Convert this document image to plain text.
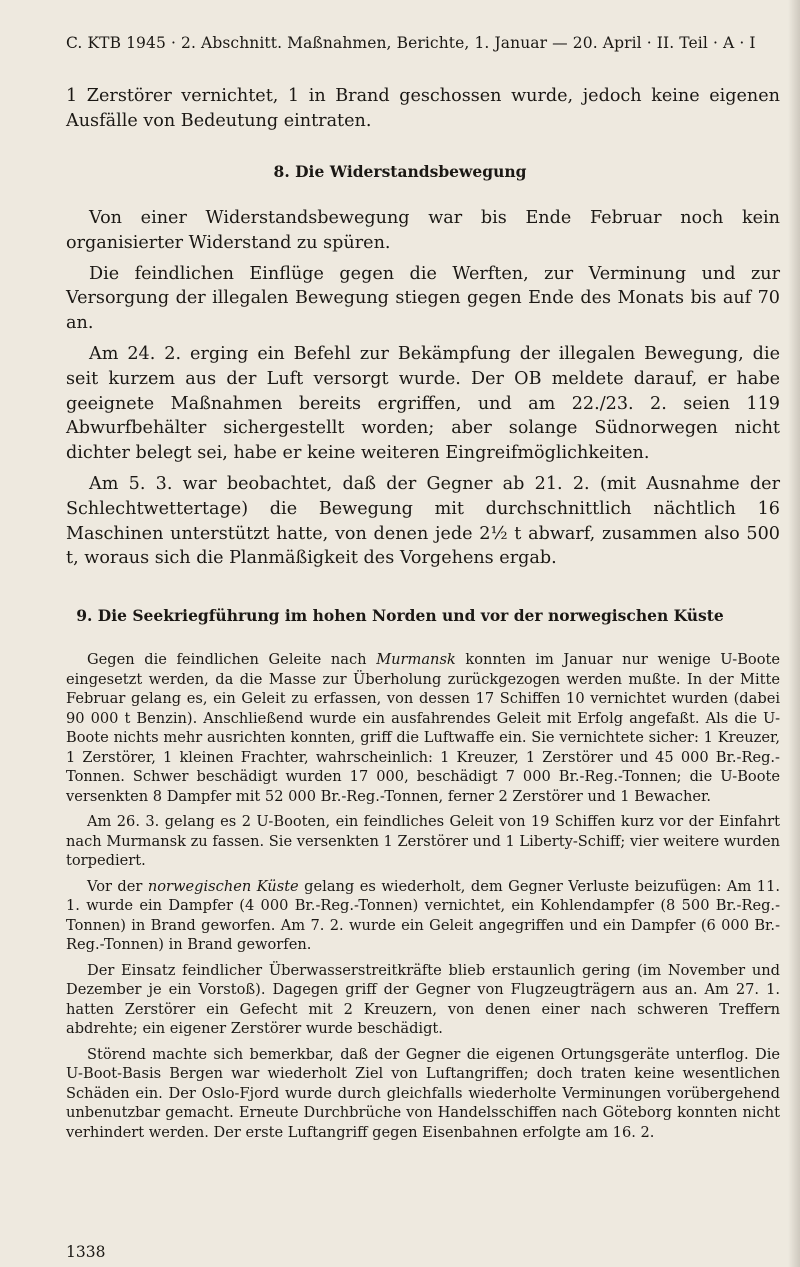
C. KTB 1945 · 2. Abschnitt. Maßnahmen, Berichte, 1. Januar — 20. April · II. Teil · A · I

1 Zerstörer vernichtet, 1 in Brand geschossen wurde, jedoch keine eigenen Ausfälle von Bedeutung eintraten.

8. Die Widerstandsbewegung

Von einer Widerstandsbewegung war bis Ende Februar noch kein organisierter Widerstand zu spüren.

Die feindlichen Einflüge gegen die Werften, zur Verminung und zur Versorgung der illegalen Bewegung stiegen gegen Ende des Monats bis auf 70 an.

Am 24. 2. erging ein Befehl zur Bekämpfung der illegalen Bewegung, die seit kurzem aus der Luft versorgt wurde. Der OB meldete darauf, er habe geeignete Maßnahmen bereits ergriffen, und am 22./23. 2. seien 119 Abwurfbehälter sichergestellt worden; aber solange Südnorwegen nicht dichter belegt sei, habe er keine weiteren Eingreifmöglichkeiten.

Am 5. 3. war beobachtet, daß der Gegner ab 21. 2. (mit Ausnahme der Schlechtwettertage) die Bewegung mit durchschnittlich nächtlich 16 Maschinen unterstützt hatte, von denen jede 2½ t abwarf, zusammen also 500 t, woraus sich die Planmäßigkeit des Vorgehens ergab.

9. Die Seekriegführung im hohen Norden und vor der norwegischen Küste

Gegen die feindlichen Geleite nach Murmansk konnten im Januar nur wenige U-Boote eingesetzt werden, da die Masse zur Überholung zurückgezogen werden mußte. In der Mitte Februar gelang es, ein Geleit zu erfassen, von dessen 17 Schiffen 10 vernichtet wurden (dabei 90 000 t Benzin). Anschließend wurde ein ausfahrendes Geleit mit Erfolg angefaßt. Als die U-Boote nichts mehr ausrichten konnten, griff die Luftwaffe ein. Sie vernichtete sicher: 1 Kreuzer, 1 Zerstörer, 1 kleinen Frachter, wahrscheinlich: 1 Kreuzer, 1 Zerstörer und 45 000 Br.-Reg.-Tonnen. Schwer beschädigt wurden 17 000, beschädigt 7 000 Br.-Reg.-Tonnen; die U-Boote versenkten 8 Dampfer mit 52 000 Br.-Reg.-Tonnen, ferner 2 Zerstörer und 1 Bewacher.

Am 26. 3. gelang es 2 U-Booten, ein feindliches Geleit von 19 Schiffen kurz vor der Einfahrt nach Murmansk zu fassen. Sie versenkten 1 Zerstörer und 1 Liberty-Schiff; vier weitere wurden torpediert.

Vor der norwegischen Küste gelang es wiederholt, dem Gegner Verluste beizufügen: Am 11. 1. wurde ein Dampfer (4 000 Br.-Reg.-Tonnen) vernichtet, ein Kohlendampfer (8 500 Br.-Reg.-Tonnen) in Brand geworfen. Am 7. 2. wurde ein Geleit angegriffen und ein Dampfer (6 000 Br.-Reg.-Tonnen) in Brand geworfen.

Der Einsatz feindlicher Überwasserstreitkräfte blieb erstaunlich gering (im November und Dezember je ein Vorstoß). Dagegen griff der Gegner von Flugzeugträgern aus an. Am 27. 1. hatten Zerstörer ein Gefecht mit 2 Kreuzern, von denen einer nach schweren Treffern abdrehte; ein eigener Zerstörer wurde beschädigt.

Störend machte sich bemerkbar, daß der Gegner die eigenen Ortungsgeräte unterflog. Die U-Boot-Basis Bergen war wiederholt Ziel von Luftangriffen; doch traten keine wesentlichen Schäden ein. Der Oslo-Fjord wurde durch gleichfalls wiederholte Verminungen vorübergehend unbenutzbar gemacht. Erneute Durchbrüche von Handelsschiffen nach Göteborg konnten nicht verhindert werden. Der erste Luftangriff gegen Eisenbahnen erfolgte am 16. 2.

1338
